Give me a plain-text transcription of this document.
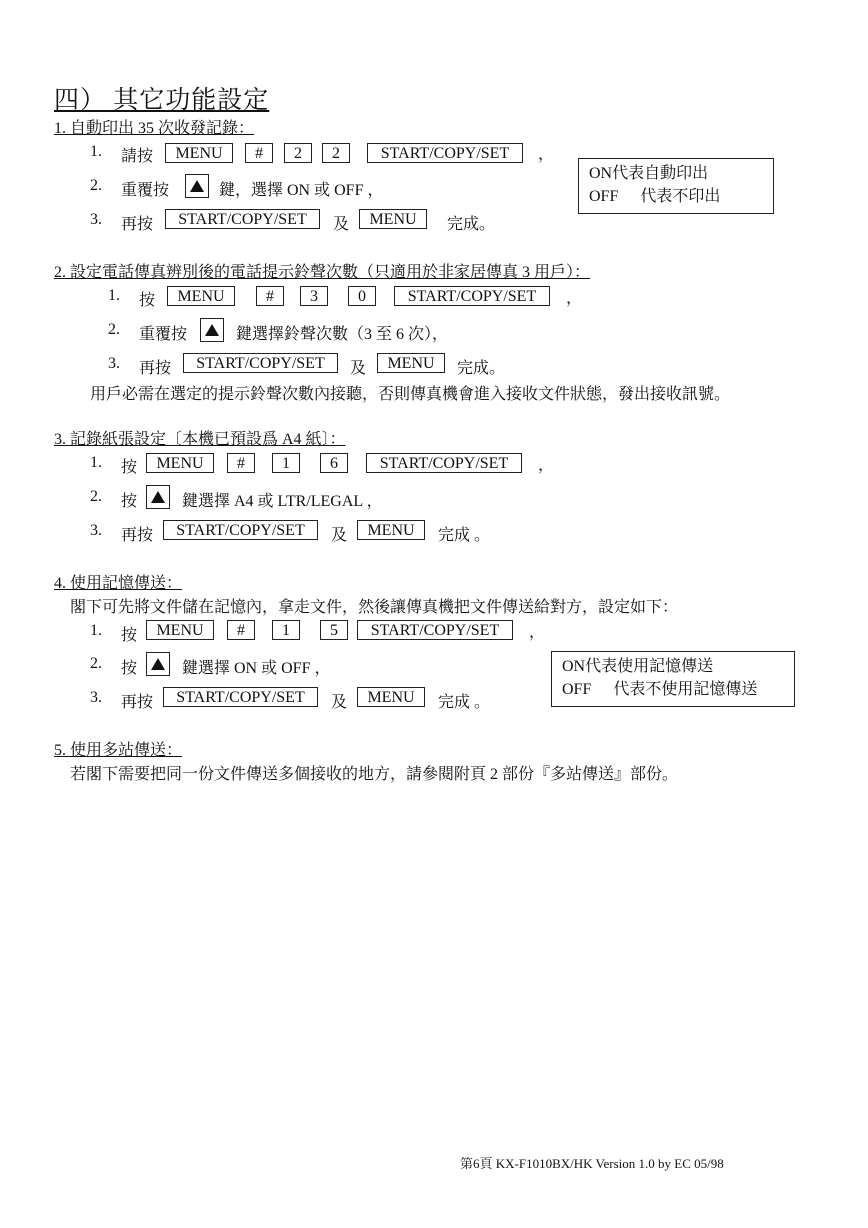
四） 其它功能設定
1. 自動印出 35 次收發記錄：
1. 請按	MENU	#	2	2	START/COPY/SET	，
2. 重覆按	鍵，選擇 ON 或 OFF ，
3. 再按	START/COPY/SET	及	MENU	完成。
ON代表自動印出
OFF 代表不印出
2. 設定電話傳真辨別後的電話提示鈴聲次數（只適用於非家居傳真 3 用戶）：
1. 按	MENU	#	3	0	START/COPY/SET	，
2. 重覆按	鍵選擇鈴聲次數（3 至 6 次），
3. 再按	START/COPY/SET	及	MENU	完成。
用戶必需在選定的提示鈴聲次數內接聽，否則傳真機會進入接收文件狀態，發出接收訊號。
3. 記錄紙張設定〔本機已預設爲 A4 紙〕：
1. 按	MENU	#	1	6	START/COPY/SET	，
2. 按	鍵選擇 A4 或 LTR/LEGAL ，
3. 再按	START/COPY/SET	及	MENU	完成 。
4. 使用記憶傳送：
閣下可先將文件儲在記憶內，拿走文件，然後讓傳真機把文件傳送給對方，設定如下：
1. 按	MENU	#	1	5	START/COPY/SET	，
2. 按	鍵選擇 ON 或 OFF ，
3. 再按	START/COPY/SET	及	MENU	完成 。
ON代表使用記憶傳送
OFF 代表不使用記憶傳送
5. 使用多站傳送：
若閣下需要把同一份文件傳送多個接收的地方，請參閱附頁 2 部份『多站傳送』部份。
第6頁 KX-F1010BX/HK Version 1.0 by EC 05/98
